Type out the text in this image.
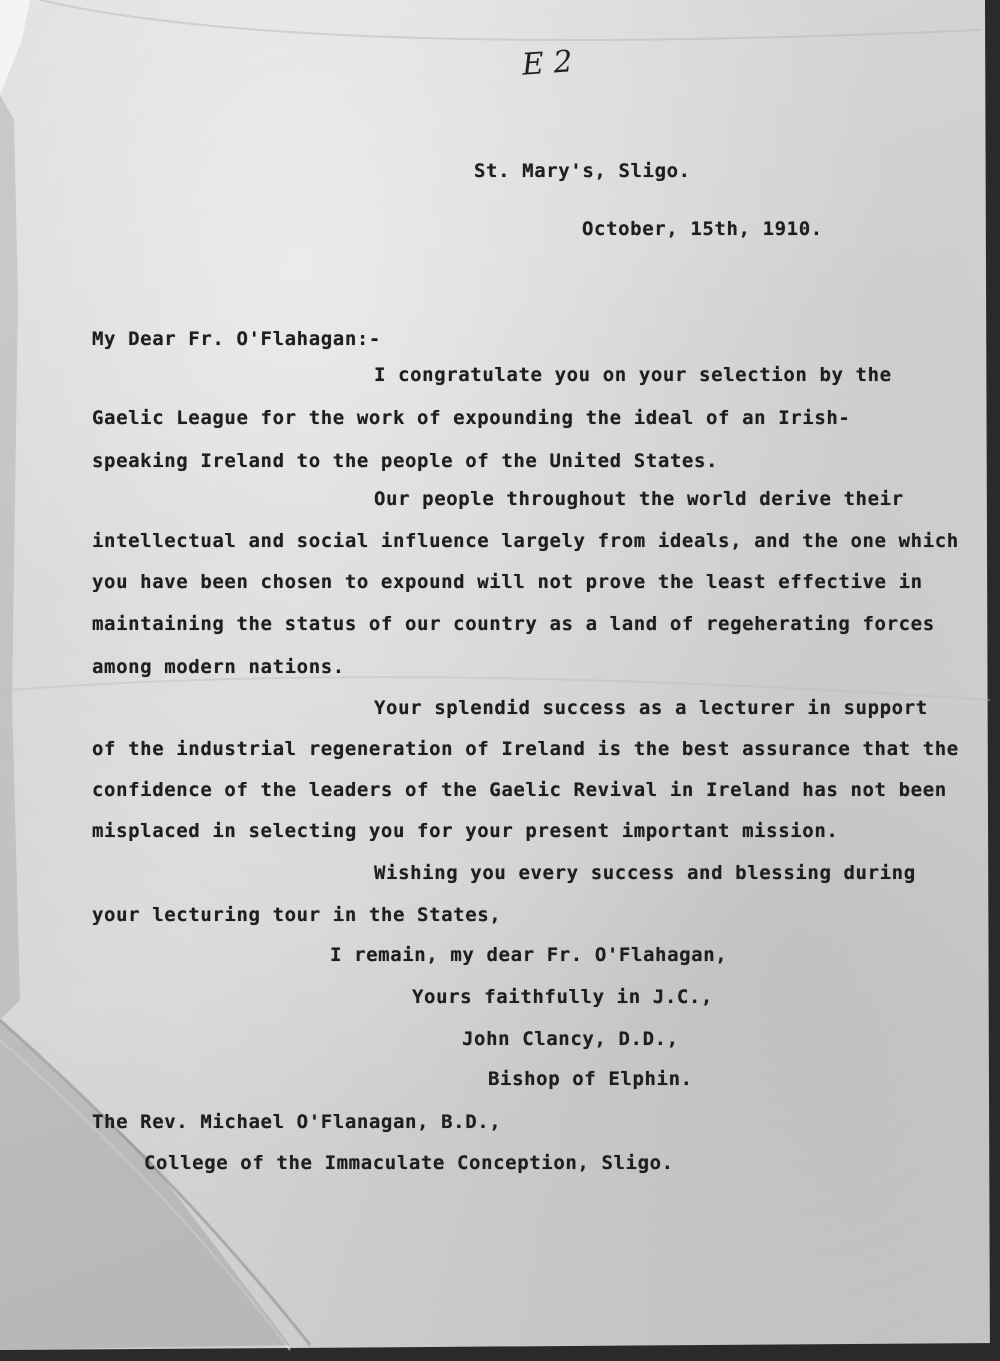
E 2

St. Mary's, Sligo.

October, 15th, 1910.

My Dear Fr. O'Flahagan:-

I congratulate you on your selection by the

Gaelic League for the work of expounding the ideal of an Irish-

speaking Ireland to the people of the United States.

Our people throughout the world derive their

intellectual and social influence largely from ideals, and the one which

you have been chosen to expound will not prove the least effective in

maintaining the status of our country as a land of regeherating forces

among modern nations.

Your splendid success as a lecturer in support

of the industrial regeneration of Ireland is the best assurance that the

confidence of the leaders of the Gaelic Revival in Ireland has not been

misplaced in selecting you for your present important mission.

Wishing you every success and blessing during

your lecturing tour in the States,

I remain, my dear Fr. O'Flahagan,

Yours faithfully in J.C.,

John Clancy, D.D.,

Bishop of Elphin.

The Rev. Michael O'Flanagan, B.D.,

College of the Immaculate Conception, Sligo.
